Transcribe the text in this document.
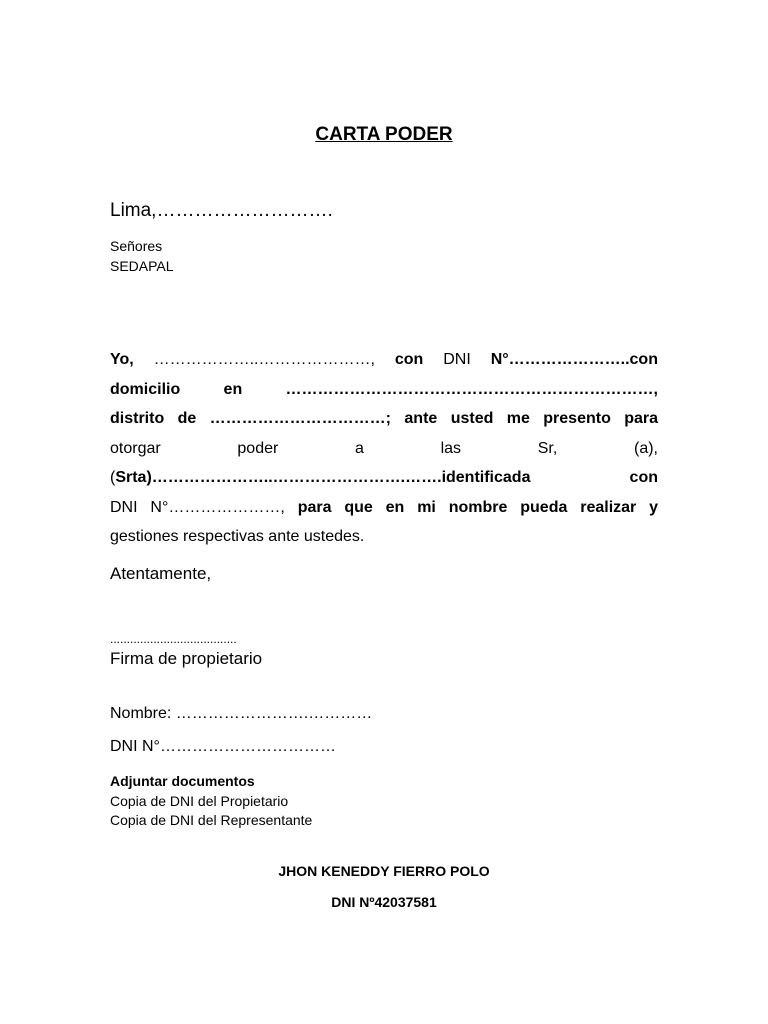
CARTA PODER
Lima,……………………….
Señores
SEDAPAL
Yo, ………………..…………………, con DNI N°…………………..con
domicilio	en	……………………………………………………………,
distrito de ……………………………; ante usted me presento para
otorgar	poder	a	las	Sr,	(a),
(Srta)…………………..…………………….…….identificada	con
DNI N°…………………, para que en mi nombre pueda realizar y
gestiones respectivas ante ustedes.
Atentamente,
......................................
Firma de propietario
Nombre: …………………….…………
DNI N°……………………………
Adjuntar documentos
Copia de DNI del Propietario
Copia de DNI del Representante
JHON KENEDDY FIERRO POLO
DNI Nº42037581
